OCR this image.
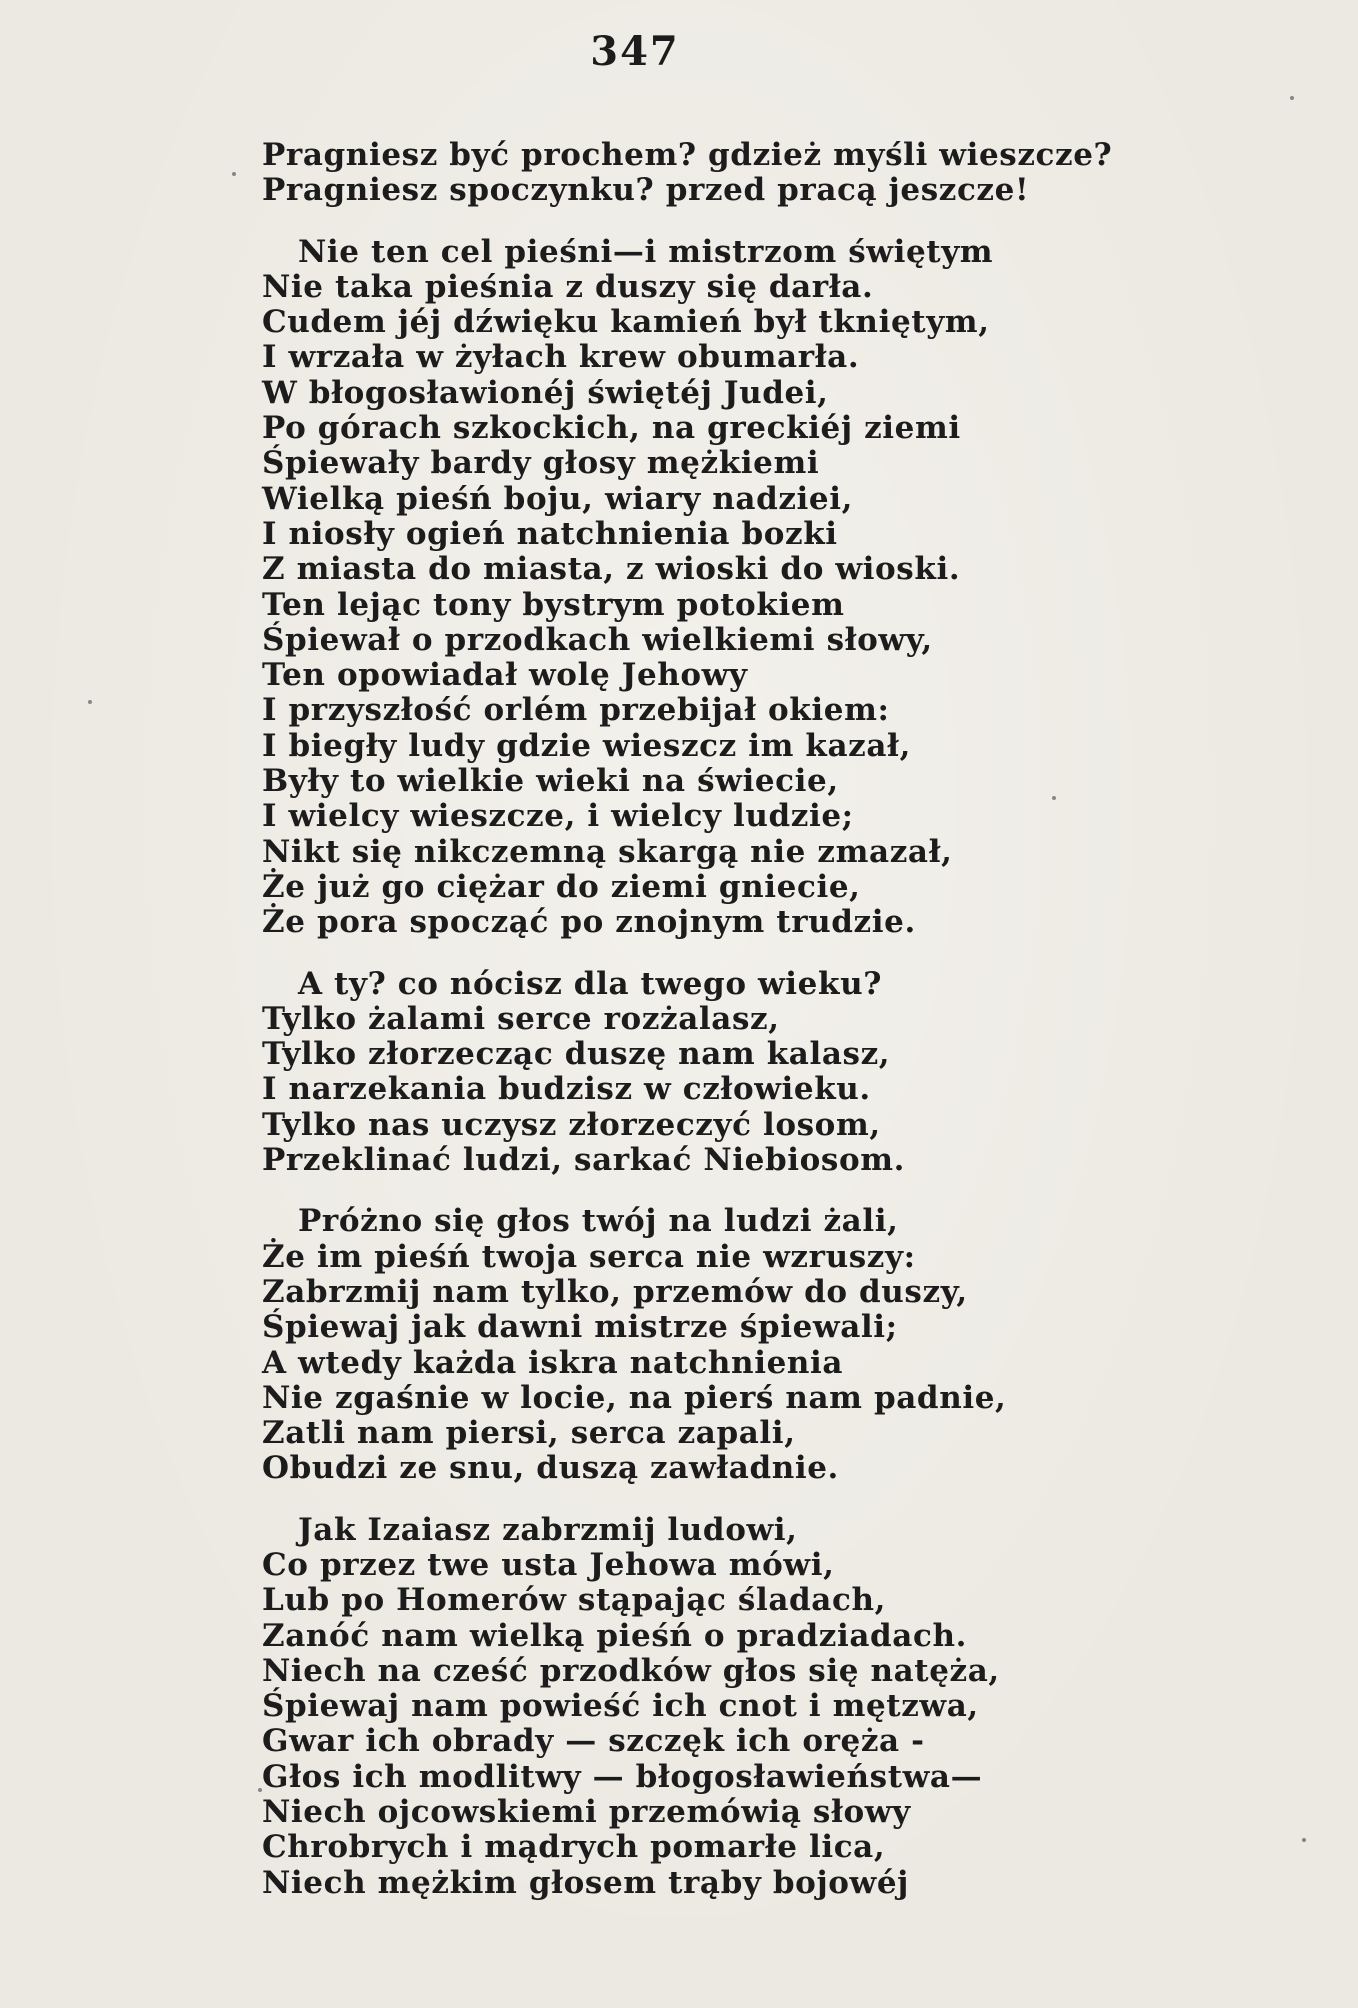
347
Pragniesz być prochem? gdzież myśli wieszcze?
Pragniesz spoczynku? przed pracą jeszcze!
Nie ten cel pieśni—i mistrzom świętym
Nie taka pieśnia z duszy się darła.
Cudem jéj dźwięku kamień był tkniętym,
I wrzała w żyłach krew obumarła.
W błogosławionéj świętéj Judei,
Po górach szkockich, na greckiéj ziemi
Śpiewały bardy głosy mężkiemi
Wielką pieśń boju, wiary nadziei,
I niosły ogień natchnienia bozki
Z miasta do miasta, z wioski do wioski.
Ten lejąc tony bystrym potokiem
Śpiewał o przodkach wielkiemi słowy,
Ten opowiadał wolę Jehowy
I przyszłość orlém przebijał okiem:
I biegły ludy gdzie wieszcz im kazał,
Były to wielkie wieki na świecie,
I wielcy wieszcze, i wielcy ludzie;
Nikt się nikczemną skargą nie zmazał,
Że już go ciężar do ziemi gniecie,
Że pora spocząć po znojnym trudzie.
A ty? co nócisz dla twego wieku?
Tylko żalami serce rozżalasz,
Tylko złorzecząc duszę nam kalasz,
I narzekania budzisz w człowieku.
Tylko nas uczysz złorzeczyć losom,
Przeklinać ludzi, sarkać Niebiosom.
Próżno się głos twój na ludzi żali,
Że im pieśń twoja serca nie wzruszy:
Zabrzmij nam tylko, przemów do duszy,
Śpiewaj jak dawni mistrze śpiewali;
A wtedy każda iskra natchnienia
Nie zgaśnie w locie, na pierś nam padnie,
Zatli nam piersi, serca zapali,
Obudzi ze snu, duszą zawładnie.
Jak Izaiasz zabrzmij ludowi,
Co przez twe usta Jehowa mówi,
Lub po Homerów stąpając śladach,
Zanóć nam wielką pieśń o pradziadach.
Niech na cześć przodków głos się natęża,
Śpiewaj nam powieść ich cnot i mętzwa,
Gwar ich obrady — szczęk ich oręża -
Głos ich modlitwy — błogosławieństwa—
Niech ojcowskiemi przemówią słowy
Chrobrych i mądrych pomarłe lica,
Niech mężkim głosem trąby bojowéj
